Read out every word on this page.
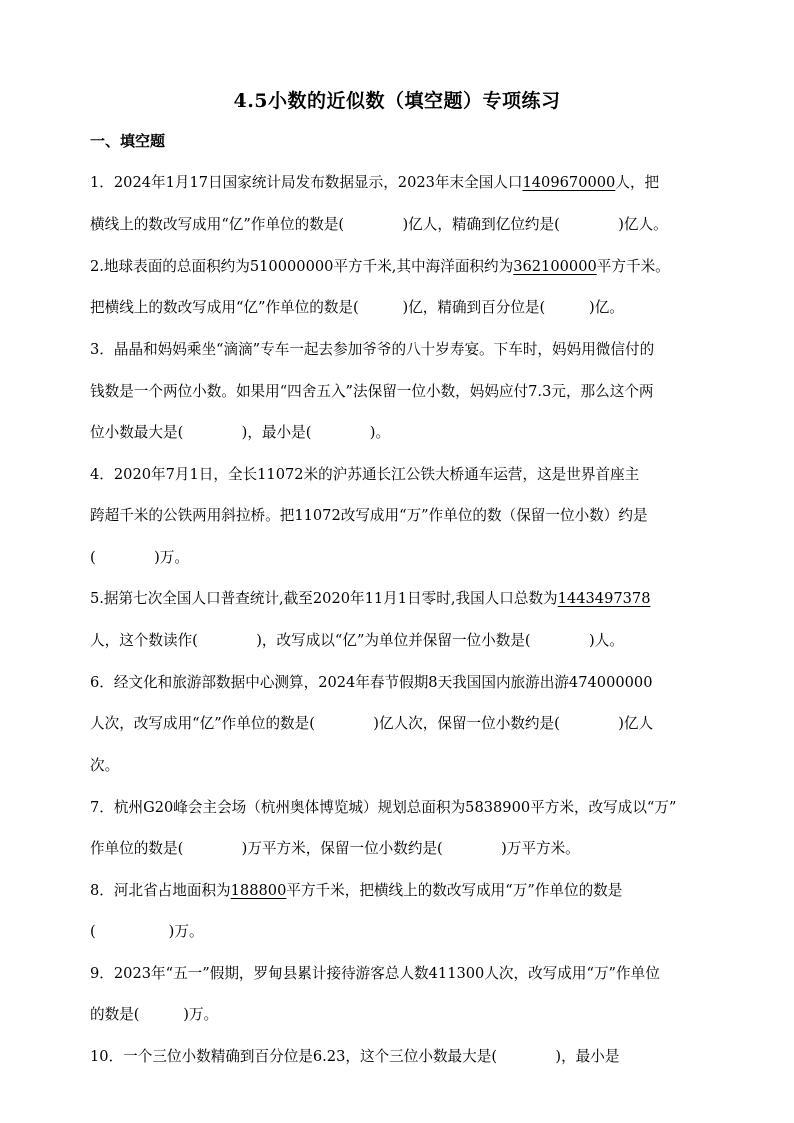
4.5小数的近似数（填空题）专项练习
一、填空题
1．2024年1月17日国家统计局发布数据显示，2023年末全国人口1409670000人，把
横线上的数改写成用“亿”作单位的数是(　　　　)亿人，精确到亿位约是(　　　　)亿人。
2.地球表面的总面积约为510000000平方千米,其中海洋面积约为362100000平方千米。
把横线上的数改写成用“亿”作单位的数是(　　　)亿，精确到百分位是(　　　)亿。
3．晶晶和妈妈乘坐“滴滴”专车一起去参加爷爷的八十岁寿宴。下车时，妈妈用微信付的
钱数是一个两位小数。如果用“四舍五入”法保留一位小数，妈妈应付7.3元，那么这个两
位小数最大是(　　　　)，最小是(　　　　)。
4．2020年7月1日，全长11072米的沪苏通长江公铁大桥通车运营，这是世界首座主
跨超千米的公铁两用斜拉桥。把11072改写成用“万”作单位的数（保留一位小数）约是
(　　　　)万。
5.据第七次全国人口普查统计,截至2020年11月1日零时,我国人口总数为1443497378
人，这个数读作(　　　　)，改写成以“亿”为单位并保留一位小数是(　　　　)人。
6．经文化和旅游部数据中心测算，2024年春节假期8天我国国内旅游出游474000000
人次，改写成用“亿”作单位的数是(　　　　)亿人次，保留一位小数约是(　　　　)亿人
次。
7．杭州G20峰会主会场（杭州奥体博览城）规划总面积为5838900平方米，改写成以“万”
作单位的数是(　　　　)万平方米，保留一位小数约是(　　　　)万平方米。
8．河北省占地面积为188800平方千米，把横线上的数改写成用“万”作单位的数是
(　　　　　)万。
9．2023年“五一”假期，罗甸县累计接待游客总人数411300人次，改写成用“万”作单位
的数是(　　　)万。
10．一个三位小数精确到百分位是6.23，这个三位小数最大是(　　　　)，最小是
